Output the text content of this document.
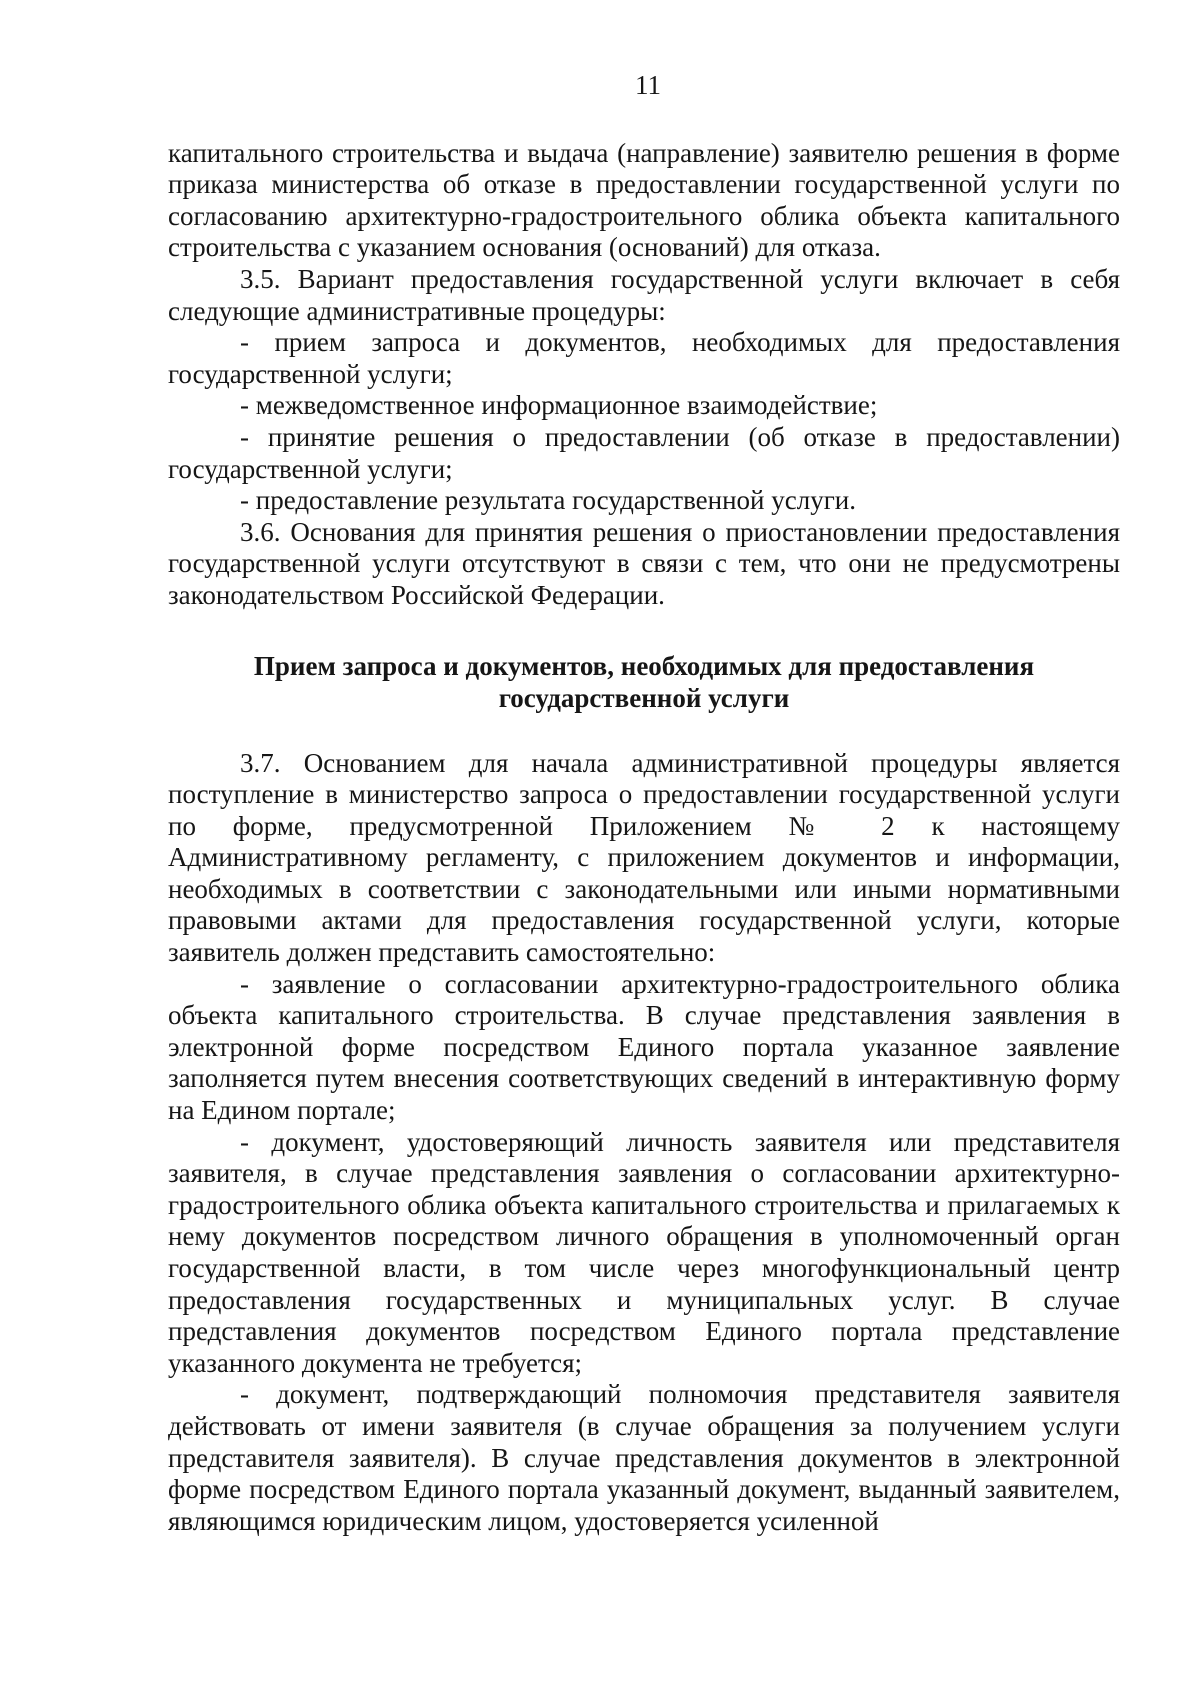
11

капитального строительства и выдача (направление) заявителю решения в форме приказа министерства об отказе в предоставлении государственной услуги по согласованию архитектурно-градостроительного облика объекта капитального строительства с указанием основания (оснований) для отказа.

3.5. Вариант предоставления государственной услуги включает в себя следующие административные процедуры:

- прием запроса и документов, необходимых для предоставления государственной услуги;

- межведомственное информационное взаимодействие;

- принятие решения о предоставлении (об отказе в предоставлении) государственной услуги;

- предоставление результата государственной услуги.

3.6. Основания для принятия решения о приостановлении предоставления государственной услуги отсутствуют в связи с тем, что они не предусмотрены законодательством Российской Федерации.

Прием запроса и документов, необходимых для предоставления
государственной услуги

3.7. Основанием для начала административной процедуры является поступление в министерство запроса о предоставлении государственной услуги по форме, предусмотренной Приложением № 2 к настоящему Административному регламенту, с приложением документов и информации, необходимых в соответствии с законодательными или иными нормативными правовыми актами для предоставления государственной услуги, которые заявитель должен представить самостоятельно:

- заявление о согласовании архитектурно-градостроительного облика объекта капитального строительства. В случае представления заявления в электронной форме посредством Единого портала указанное заявление заполняется путем внесения соответствующих сведений в интерактивную форму на Едином портале;

- документ, удостоверяющий личность заявителя или представителя заявителя, в случае представления заявления о согласовании архитектурно-градостроительного облика объекта капитального строительства и прилагаемых к нему документов посредством личного обращения в уполномоченный орган государственной власти, в том числе через многофункциональный центр предоставления государственных и муниципальных услуг. В случае представления документов посредством Единого портала представление указанного документа не требуется;

- документ, подтверждающий полномочия представителя заявителя действовать от имени заявителя (в случае обращения за получением услуги представителя заявителя). В случае представления документов в электронной форме посредством Единого портала указанный документ, выданный заявителем, являющимся юридическим лицом, удостоверяется усиленной
